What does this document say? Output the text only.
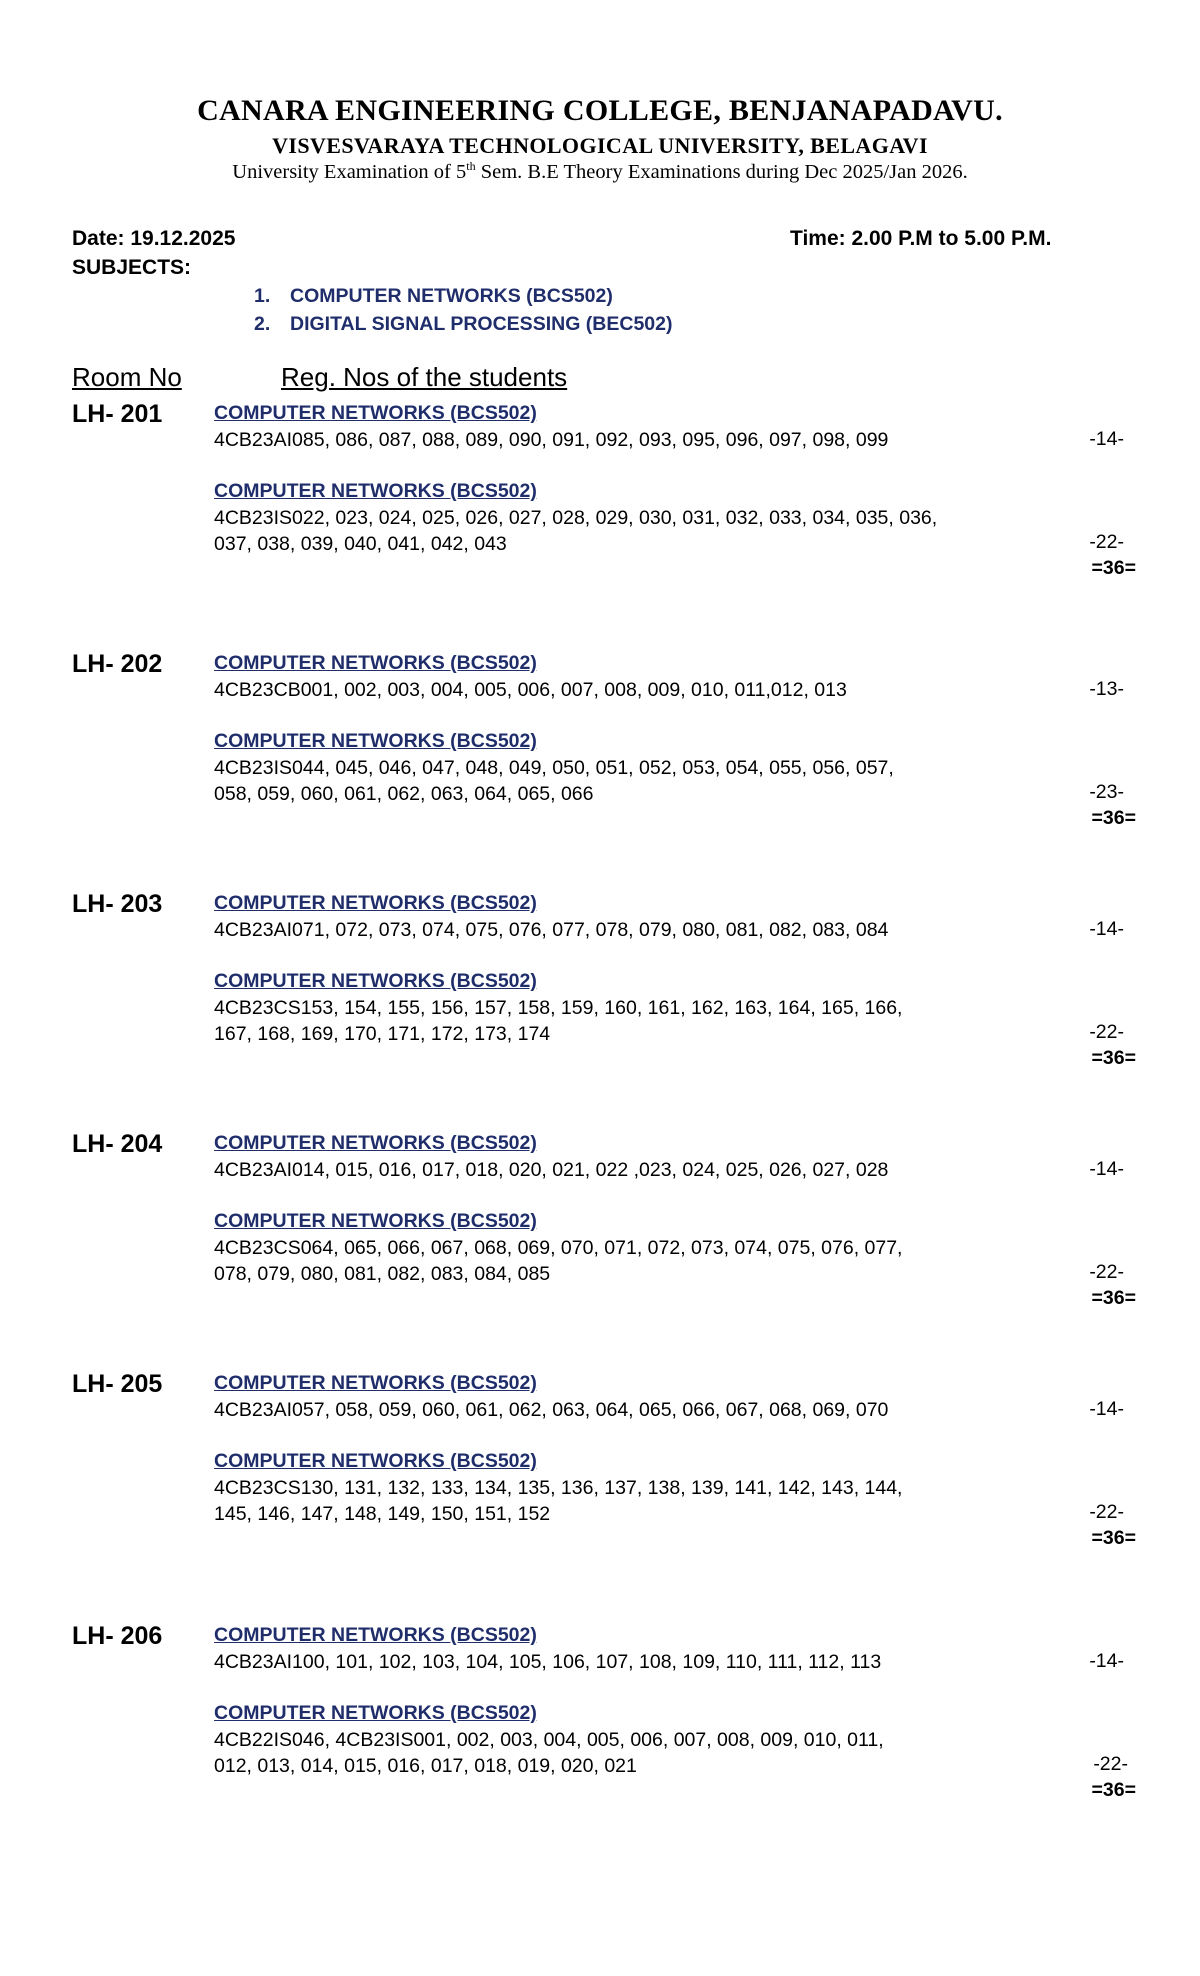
CANARA ENGINEERING COLLEGE, BENJANAPADAVU.
VISVESVARAYA TECHNOLOGICAL UNIVERSITY, BELAGAVI
University Examination of 5th Sem. B.E Theory Examinations during Dec 2025/Jan 2026.
Date: 19.12.2025	Time: 2.00 P.M to 5.00 P.M.
SUBJECTS:
1. COMPUTER NETWORKS (BCS502)
2. DIGITAL SIGNAL PROCESSING (BEC502)
Room No	Reg. Nos of the students
LH- 201	COMPUTER NETWORKS (BCS502)
4CB23AI085, 086, 087, 088, 089, 090, 091, 092, 093, 095, 096, 097, 098, 099	-14-
COMPUTER NETWORKS (BCS502)
4CB23IS022, 023, 024, 025, 026, 027, 028, 029, 030, 031, 032, 033, 034, 035, 036,
037, 038, 039, 040, 041, 042, 043	-22-
=36=
LH- 202	COMPUTER NETWORKS (BCS502)
4CB23CB001, 002, 003, 004, 005, 006, 007, 008, 009, 010, 011,012, 013	-13-
COMPUTER NETWORKS (BCS502)
4CB23IS044, 045, 046, 047, 048, 049, 050, 051, 052, 053, 054, 055, 056, 057,
058, 059, 060, 061, 062, 063, 064, 065, 066	-23-
=36=
LH- 203	COMPUTER NETWORKS (BCS502)
4CB23AI071, 072, 073, 074, 075, 076, 077, 078, 079, 080, 081, 082, 083, 084	-14-
COMPUTER NETWORKS (BCS502)
4CB23CS153, 154, 155, 156, 157, 158, 159, 160, 161, 162, 163, 164, 165, 166,
167, 168, 169, 170, 171, 172, 173, 174	-22-
=36=
LH- 204	COMPUTER NETWORKS (BCS502)
4CB23AI014, 015, 016, 017, 018, 020, 021, 022 ,023, 024, 025, 026, 027, 028	-14-
COMPUTER NETWORKS (BCS502)
4CB23CS064, 065, 066, 067, 068, 069, 070, 071, 072, 073, 074, 075, 076, 077,
078, 079, 080, 081, 082, 083, 084, 085	-22-
=36=
LH- 205	COMPUTER NETWORKS (BCS502)
4CB23AI057, 058, 059, 060, 061, 062, 063, 064, 065, 066, 067, 068, 069, 070	-14-
COMPUTER NETWORKS (BCS502)
4CB23CS130, 131, 132, 133, 134, 135, 136, 137, 138, 139, 141, 142, 143, 144,
145, 146, 147, 148, 149, 150, 151, 152	-22-
=36=
LH- 206	COMPUTER NETWORKS (BCS502)
4CB23AI100, 101, 102, 103, 104, 105, 106, 107, 108, 109, 110, 111, 112, 113	-14-
COMPUTER NETWORKS (BCS502)
4CB22IS046, 4CB23IS001, 002, 003, 004, 005, 006, 007, 008, 009, 010, 011,
012, 013, 014, 015, 016, 017, 018, 019, 020, 021	-22-
=36=
